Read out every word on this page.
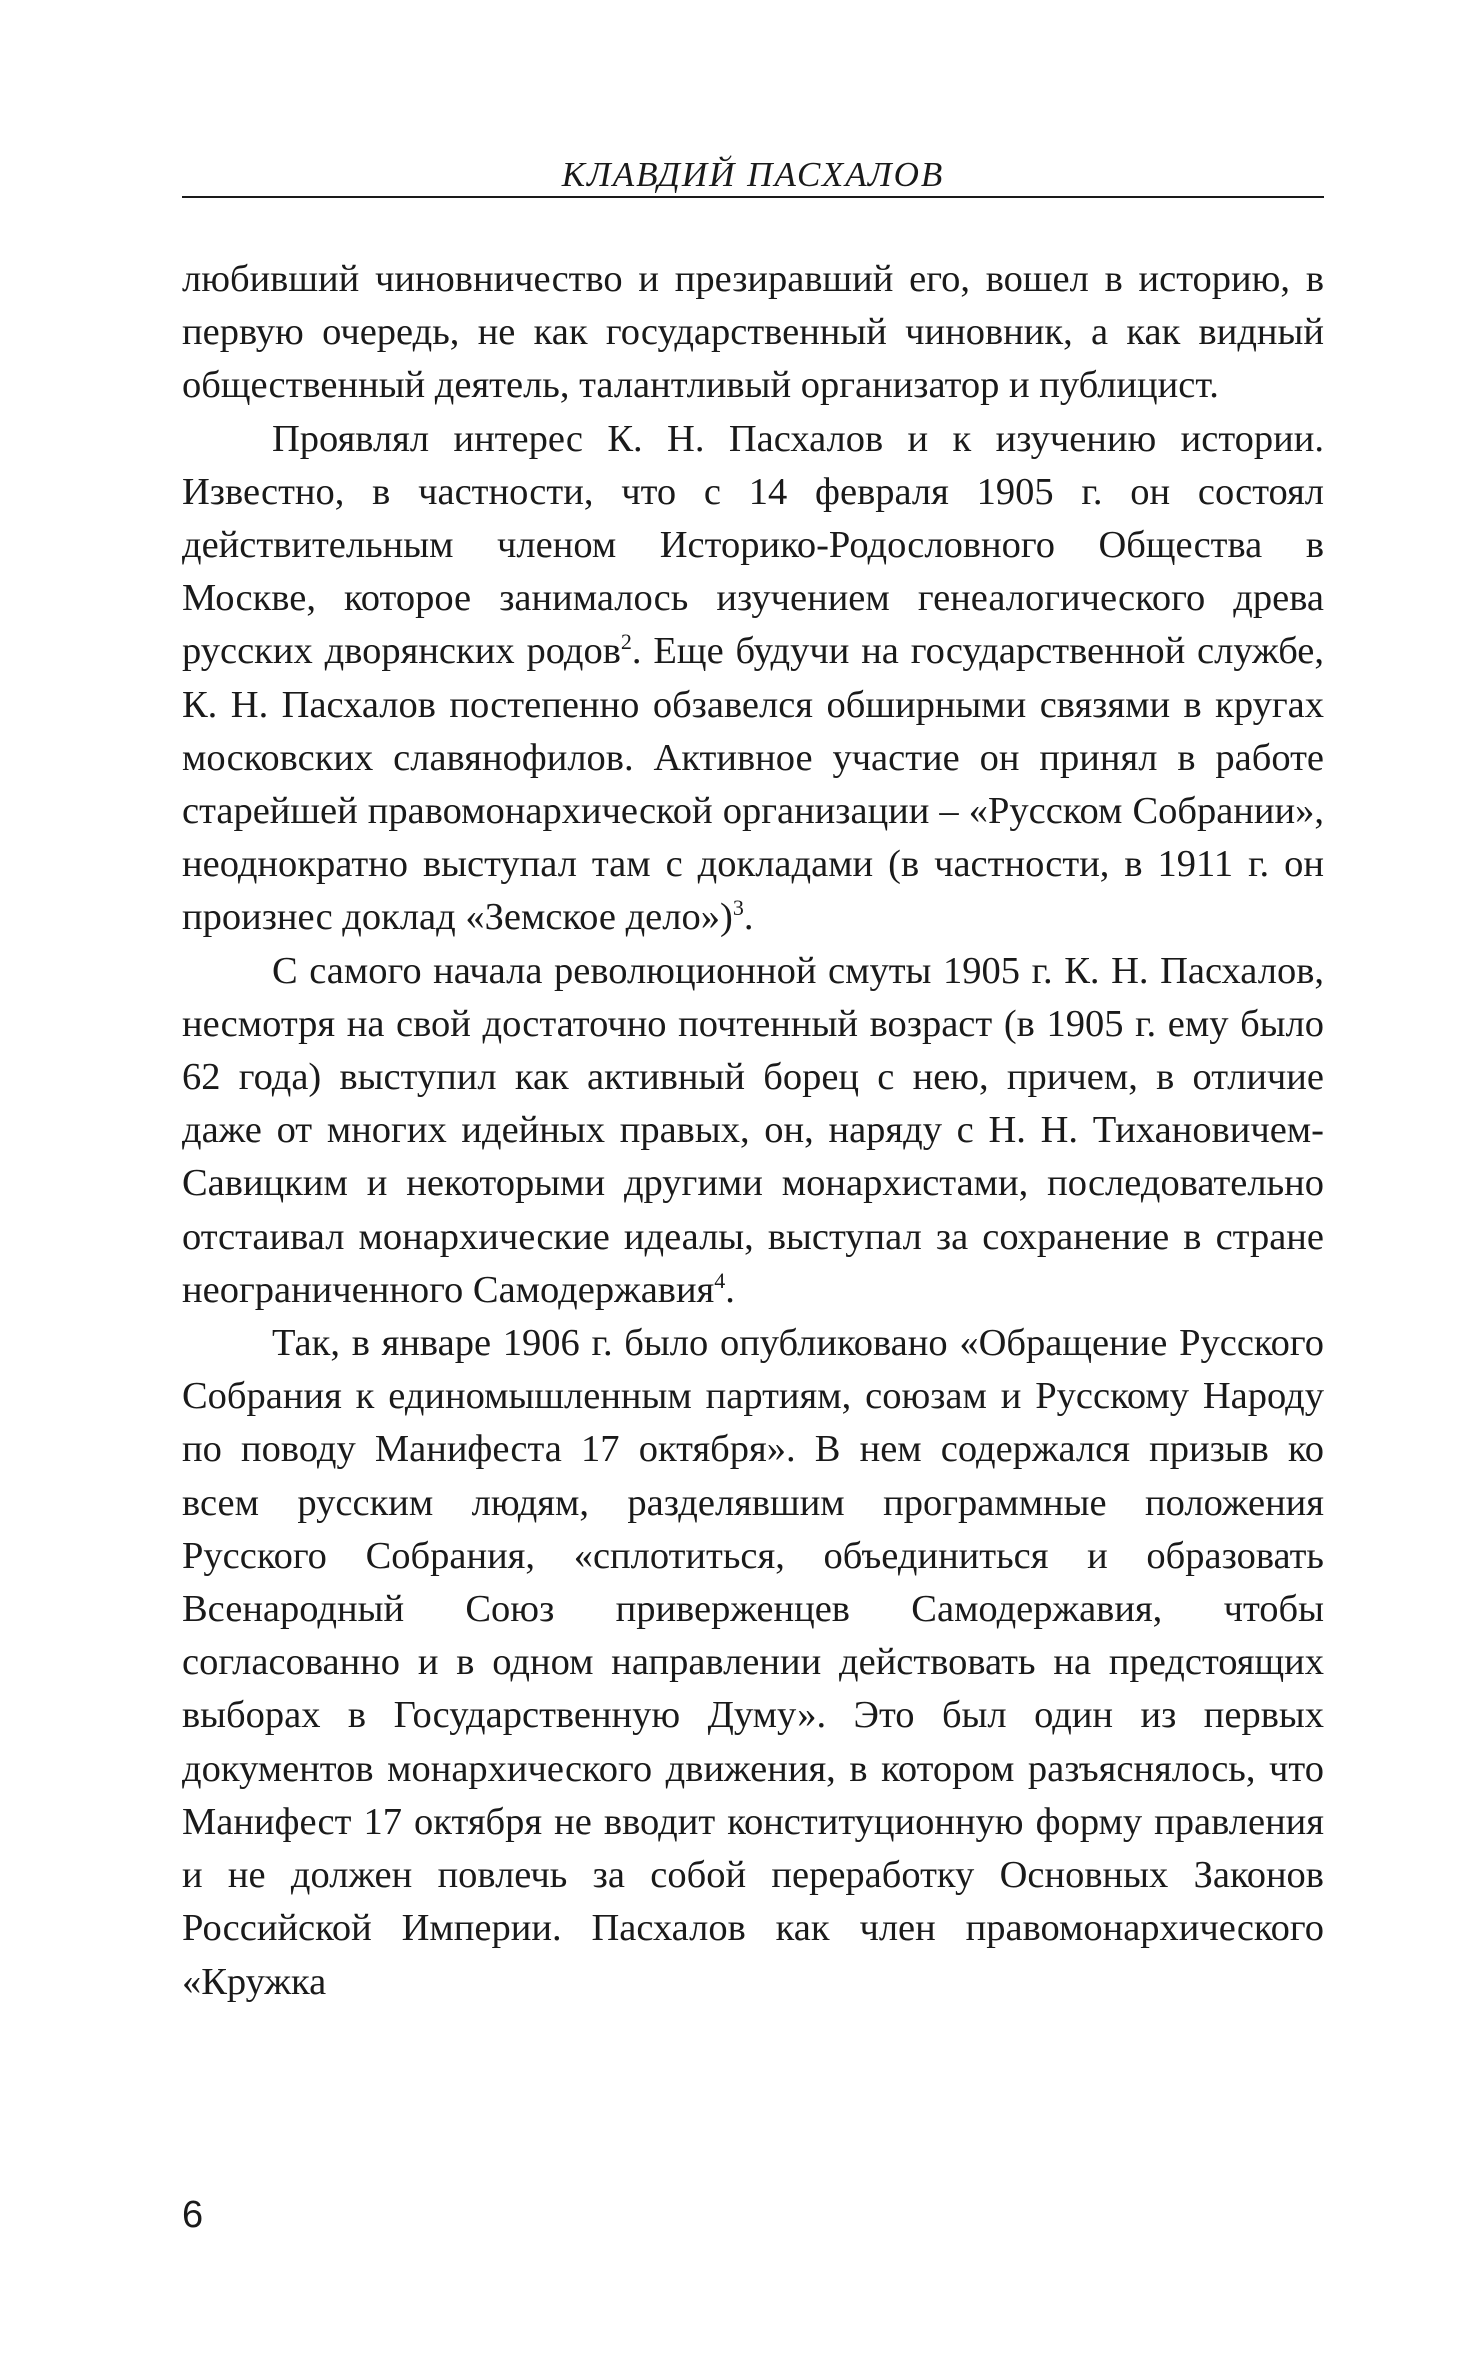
КЛАВДИЙ ПАСХАЛОВ

любивший чиновничество и презиравший его, вошел в историю, в первую очередь, не как государственный чиновник, а как видный общественный деятель, талантливый организатор и публицист.

Проявлял интерес К. Н. Пасхалов и к изучению истории. Известно, в частности, что с 14 февраля 1905 г. он состоял действительным членом Историко-Родословного Общества в Москве, которое занималось изучением генеалогического древа русских дворянских родов$^2$. Еще будучи на государственной службе, К. Н. Пасхалов постепенно обзавелся обширными связями в кругах московских славянофилов. Активное участие он принял в работе старейшей правомонархической организации – «Русском Собрании», неоднократно выступал там с докладами (в частности, в 1911 г. он произнес доклад «Земское дело»)$^3$.

С самого начала революционной смуты 1905 г. К. Н. Пасхалов, несмотря на свой достаточно почтенный возраст (в 1905 г. ему было 62 года) выступил как активный борец с нею, причем, в отличие даже от многих идейных правых, он, наряду с Н. Н. Тихановичем-Савицким и некоторыми другими монархистами, последовательно отстаивал монархические идеалы, выступал за сохранение в стране неограниченного Самодержавия$^4$.

Так, в январе 1906 г. было опубликовано «Обращение Русского Собрания к единомышленным партиям, союзам и Русскому Народу по поводу Манифеста 17 октября». В нем содержался призыв ко всем русским людям, разделявшим программные положения Русского Собрания, «сплотиться, объединиться и образовать Всенародный Союз приверженцев Самодержавия, чтобы согласованно и в одном направлении действовать на предстоящих выборах в Государственную Думу». Это был один из первых документов монархического движения, в котором разъяснялось, что Манифест 17 октября не вводит конституционную форму правления и не должен повлечь за собой переработку Основных Законов Российской Империи. Пасхалов как член правомонархического «Кружка

6
